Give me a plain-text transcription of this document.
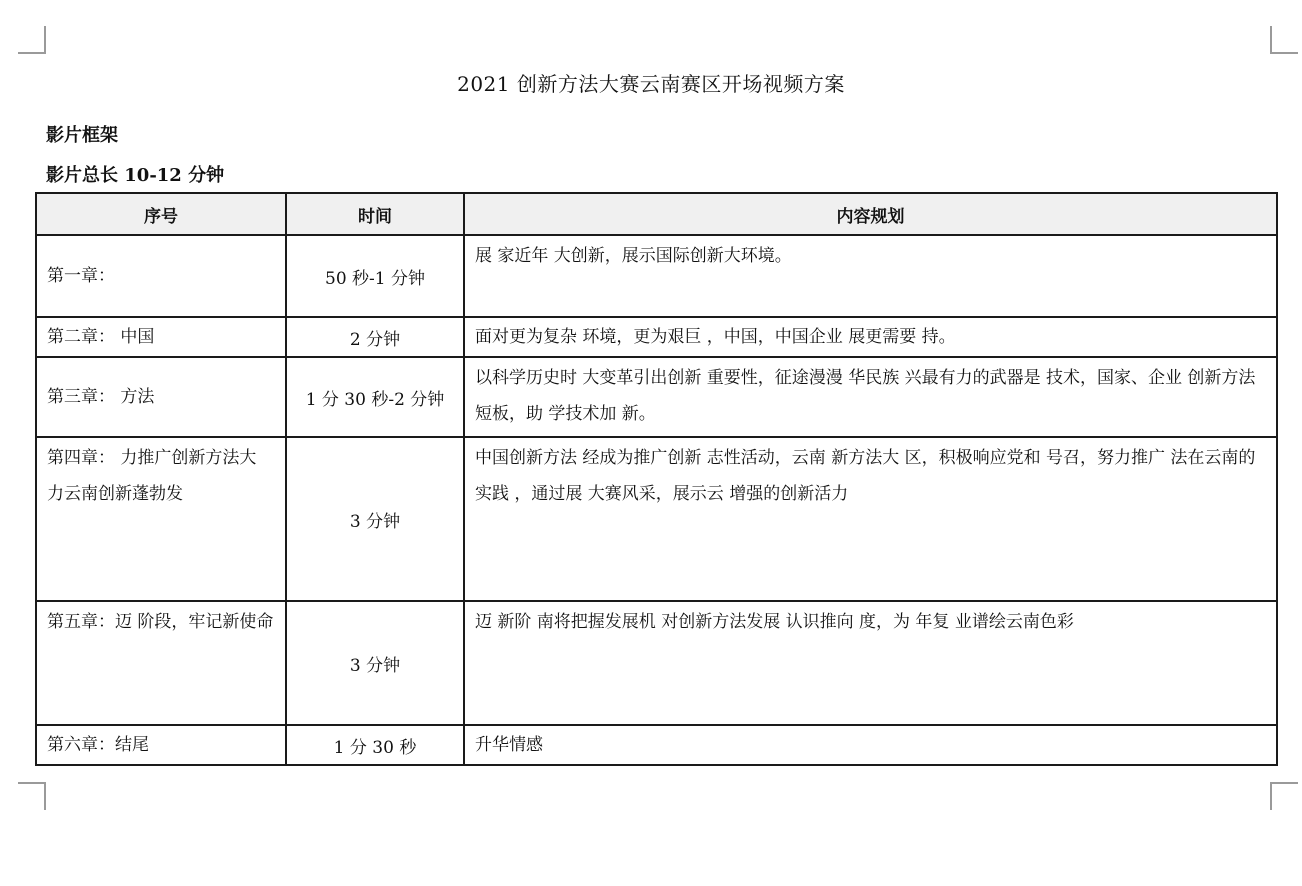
2021 创新方法大赛云南赛区开场视频方案
影片框架
影片总长 10-12 分钟
序号	时间	内容规划
第一章：	50 秒-1 分钟	展 家近年 大创新，展示国际创新大环境。
第二章： 中国	2 分钟	面对更为复杂 环境，更为艰巨 ，中国，中国企业 展更需要 持。
第三章： 方法	1 分 30 秒-2 分钟	以科学历史时 大变革引出创新 重要性，征途漫漫 华民族 兴最有力的武器是 技术，国家、企业 创新方法短板，助 学技术加 新。
第四章： 力推广创新方法大 力云南创新蓬勃发	3 分钟	中国创新方法 经成为推广创新 志性活动，云南 新方法大 区，积极响应党和 号召，努力推广 法在云南的实践 ，通过展 大赛风采，展示云 增强的创新活力
第五章：迈 阶段，牢记新使命	3 分钟	迈 新阶 南将把握发展机 对创新方法发展 认识推向 度，为 年复 业谱绘云南色彩
第六章：结尾	1 分 30 秒	升华情感
